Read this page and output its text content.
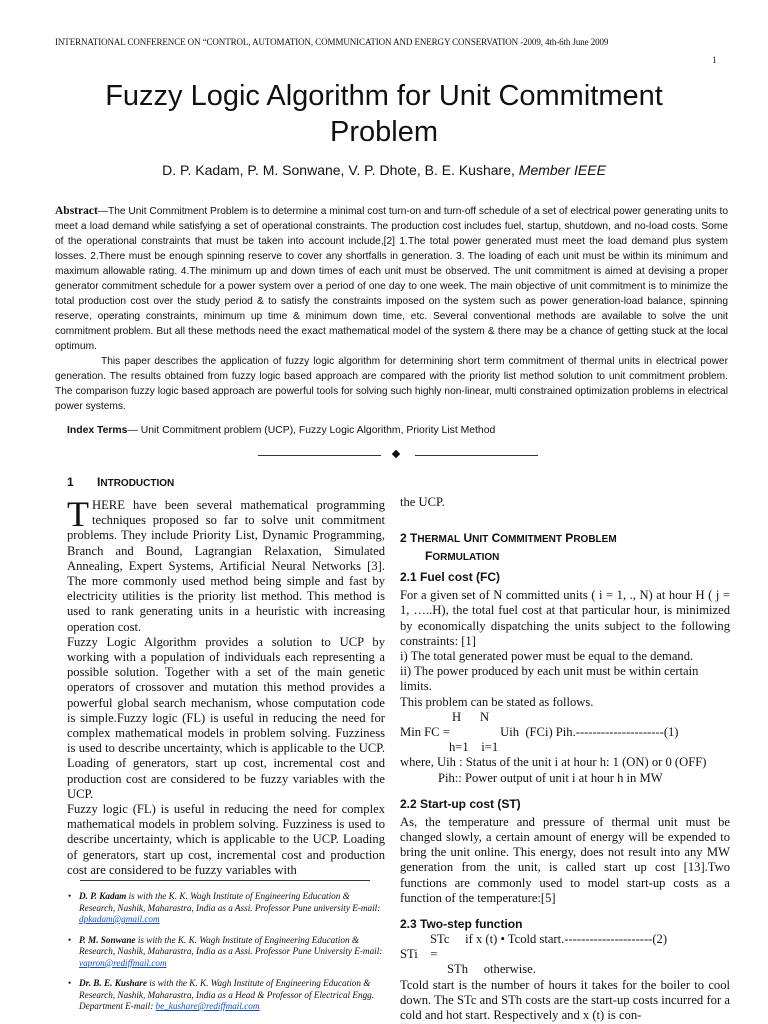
INTERNATIONAL CONFERENCE ON “CONTROL, AUTOMATION, COMMUNICATION AND ENERGY CONSERVATION -2009, 4th-6th June 2009
1
Fuzzy Logic Algorithm for Unit Commitment Problem
D. P. Kadam, P. M. Sonwane, V. P. Dhote, B. E. Kushare, Member IEEE

Abstract—The Unit Commitment Problem is to determine a minimal cost turn-on and turn-off schedule of a set of electrical power generating units to meet a load demand while satisfying a set of operational constraints. The production cost includes fuel, startup, shutdown, and no-load costs. Some of the operational constraints that must be taken into account include,[2] 1.The total power generated must meet the load demand plus system losses. 2.There must be enough spinning reserve to cover any shortfalls in generation. 3. The loading of each unit must be within its minimum and maximum allowable rating. 4.The minimum up and down times of each unit must be observed. The unit commitment is aimed at devising a proper generator commitment schedule for a power system over a period of one day to one week. The main objective of unit commitment is to minimize the total production cost over the study period & to satisfy the constraints imposed on the system such as power generation-load balance, spinning reserve, operating constraints, minimum up time & minimum down time, etc. Several conventional methods are available to solve the unit commitment problem. But all these methods need the exact mathematical model of the system & there may be a chance of getting stuck at the local optimum.

This paper describes the application of fuzzy logic algorithm for determining short term commitment of thermal units in electrical power generation. The results obtained from fuzzy logic based approach are compared with the priority list method solution to unit commitment problem. The comparison fuzzy logic based approach are powerful tools for solving such highly non-linear, multi constrained optimization problems in electrical power systems.

Index Terms— Unit Commitment problem (UCP), Fuzzy Logic Algorithm, Priority List Method

1 INTRODUCTION

THERE have been several mathematical programming techniques proposed so far to solve unit commitment problems. They include Priority List, Dynamic Programming, Branch and Bound, Lagrangian Relaxation, Simulated Annealing, Expert Systems, Artificial Neural Networks [3]. The more commonly used method being simple and fast by electricity utilities is the priority list method. This method is used to rank generating units in a heuristic with increasing operation cost.

Fuzzy Logic Algorithm provides a solution to UCP by working with a population of individuals each representing a possible solution. Together with a set of the main genetic operators of crossover and mutation this method provides a powerful global search mechanism, whose computation code is simple.Fuzzy logic (FL) is useful in reducing the need for complex mathematical models in problem solving. Fuzziness is used to describe uncertainty, which is applicable to the UCP. Loading of generators, start up cost, incremental cost and production cost are considered to be fuzzy variables with the UCP.

Fuzzy logic (FL) is useful in reducing the need for complex mathematical models in problem solving. Fuzziness is used to describe uncertainty, which is applicable to the UCP. Loading of generators, start up cost, incremental cost and production cost are considered to be fuzzy variables with

• D. P. Kadam is with the K. K. Wagh Institute of Engineering Education & Research, Nashik, Maharastra, India as a Assi. Professor Pune university E-mail: dpkadam@gmail.com
• P. M. Sonwane is with the K. K. Wagh Institute of Engineering Education & Research, Nashik, Maharastra, India as a Assi. Professor Pune University E-mail: vapron@rediffmail.com
• Dr. B. E. Kushare is with the K. K. Wagh Institute of Engineering Education & Research, Nashik, Maharastra, India as a Head & Professor of Electrical Engg. Department E-mail: be_kushare@rediffmail.com

the UCP.

2 THERMAL UNIT COMMITMENT PROBLEM
FORMULATION

2.1 Fuel cost (FC)

For a given set of N committed units ( i = 1, ., N) at hour H ( j = 1, …..H), the total fuel cost at that particular hour, is minimized by economically dispatching the units subject to the following constraints: [1]

i) The total generated power must be equal to the demand.

ii) The power produced by each unit must be within certain limits.

This problem can be stated as follows.

H      N

Min FC =                Uih  (FCi) Pih.---------------------(1)

h=1    i=1

where, Uih : Status of the unit i at hour h: 1 (ON) or 0 (OFF)

Pih:: Power output of unit i at hour h in MW

2.2 Start-up cost (ST)

As, the temperature and pressure of thermal unit must be changed slowly, a certain amount of energy will be expended to bring the unit online. This energy, does not result into any MW generation from the unit, is called start up cost [13].Two functions are commonly used to model start-up costs as a function of the temperature:[5]

2.3 Two-step function

STc     if x (t) • Tcold start.---------------------(2)

STi    =

STh     otherwise.

Tcold start is the number of hours it takes for the boiler to cool down. The STc and STh costs are the start-up costs incurred for a cold and hot start. Respectively and x (t) is con-
